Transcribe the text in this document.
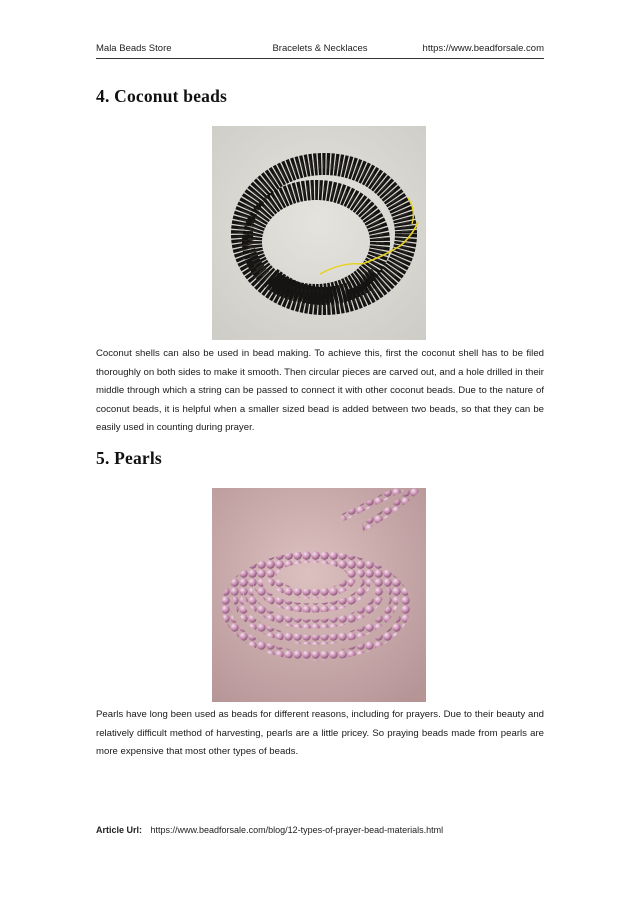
Mala Beads Store	Bracelets & Necklaces	https://www.beadforsale.com
4. Coconut beads

Coconut shells can also be used in bead making. To achieve this, first the coconut shell has to be filed thoroughly on both sides to make it smooth. Then circular pieces are carved out, and a hole drilled in their middle through which a string can be passed to connect it with other coconut beads. Due to the nature of coconut beads, it is helpful when a smaller sized bead is added between two beads, so that they can be easily used in counting during prayer.

5. Pearls

Pearls have long been used as beads for different reasons, including for prayers. Due to their beauty and relatively difficult method of harvesting, pearls are a little pricey. So praying beads made from pearls are more expensive that most other types of beads.

Article Url: https://www.beadforsale.com/blog/12-types-of-prayer-bead-materials.html
